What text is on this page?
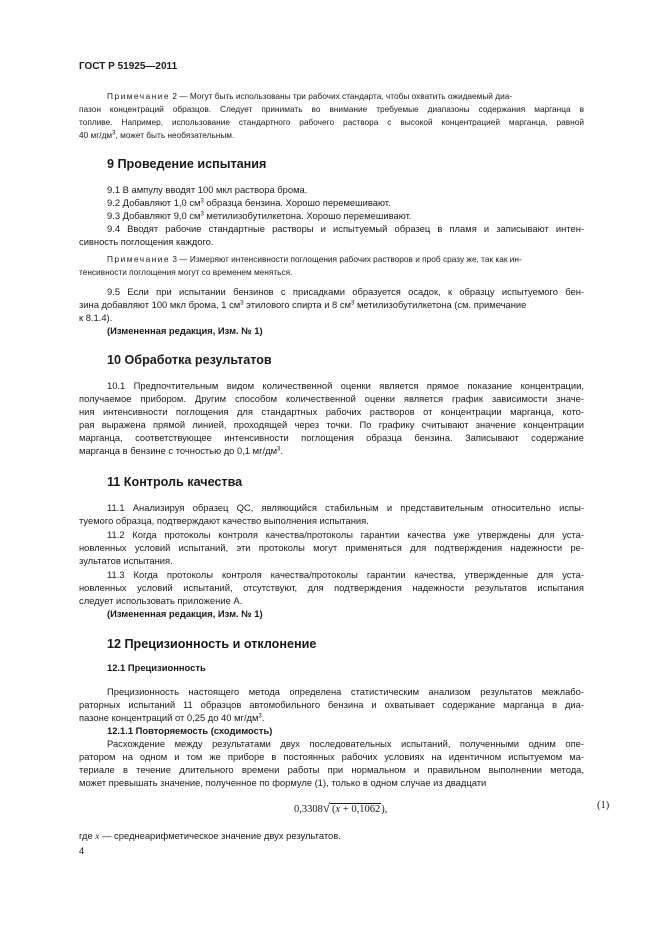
ГОСТ Р 51925—2011
Примечание 2 — Могут быть использованы три рабочих стандарта, чтобы охватить ожидаемый диа-
пазон концентраций образцов. Следует принимать во внимание требуемые диапазоны содержания марганца в
топливе. Например, использование стандартного рабочего раствора с высокой концентрацией марганца, равной
40 $мг/дм^3$, может быть необязательным.
9 Проведение испытания
9.1 В ампулу вводят 100 мкл раствора брома.
9.2 Добавляют 1,0 $см^3$ образца бензина. Хорошо перемешивают.
9.3 Добавляют 9,0 $см^3$ метилизобутилкетона. Хорошо перемешивают.
9.4 Вводят рабочие стандартные растворы и испытуемый образец в пламя и записывают интен-
сивность поглощения каждого.
Примечание 3 — Измеряют интенсивности поглощения рабочих растворов и проб сразу же, так как ин-
тенсивности поглощения могут со временем меняться.
9.5 Если при испытании бензинов с присадками образуется осадок, к образцу испытуемого бен-
зина добавляют 100 мкл брома, 1 $см^3$ этилового спирта и 8 $см^3$ метилизобутилкетона (см. примечание
к 8.1.4).
(Измененная редакция, Изм. № 1)
10 Обработка результатов
10.1 Предпочтительным видом количественной оценки является прямое показание концентрации,
получаемое прибором. Другим способом количественной оценки является график зависимости значе-
ния интенсивности поглощения для стандартных рабочих растворов от концентрации марганца, кото-
рая выражена прямой линией, проходящей через точки. По графику считывают значение концентрации
марганца, соответствующее интенсивности поглощения образца бензина. Записывают содержание
марганца в бензине с точностью до 0,1 $мг/дм^3$.
11 Контроль качества
11.1 Анализируя образец QC, являющийся стабильным и представительным относительно испы-
туемого образца, подтверждают качество выполнения испытания.
11.2 Когда протоколы контроля качества/протоколы гарантии качества уже утверждены для уста-
новленных условий испытаний, эти протоколы могут применяться для подтверждения надежности ре-
зультатов испытания.
11.3 Когда протоколы контроля качества/протоколы гарантии качества, утвержденные для уста-
новленных условий испытаний, отсутствуют, для подтверждения надежности результатов испытания
следует использовать приложение А.
(Измененная редакция, Изм. № 1)
12 Прецизионность и отклонение
12.1 Прецизионность
Прецизионность настоящего метода определена статистическим анализом результатов межлабо-
раторных испытаний 11 образцов автомобильного бензина и охватывает содержание марганца в диа-
пазоне концентраций от 0,25 до 40 $мг/дм^3$.
12.1.1 Повторяемость (сходимость)
Расхождение между результатами двух последовательных испытаний, полученными одним опе-
ратором на одном и том же приборе в постоянных рабочих условиях на идентичном испытуемом ма-
териале в течение длительного времени работы при нормальном и правильном выполнении метода,
может превышать значение, полученное по формуле (1), только в одном случае из двадцати
0,3308√ (x + 0,1062),	(1)
где x — среднеарифметическое значение двух результатов.
4
